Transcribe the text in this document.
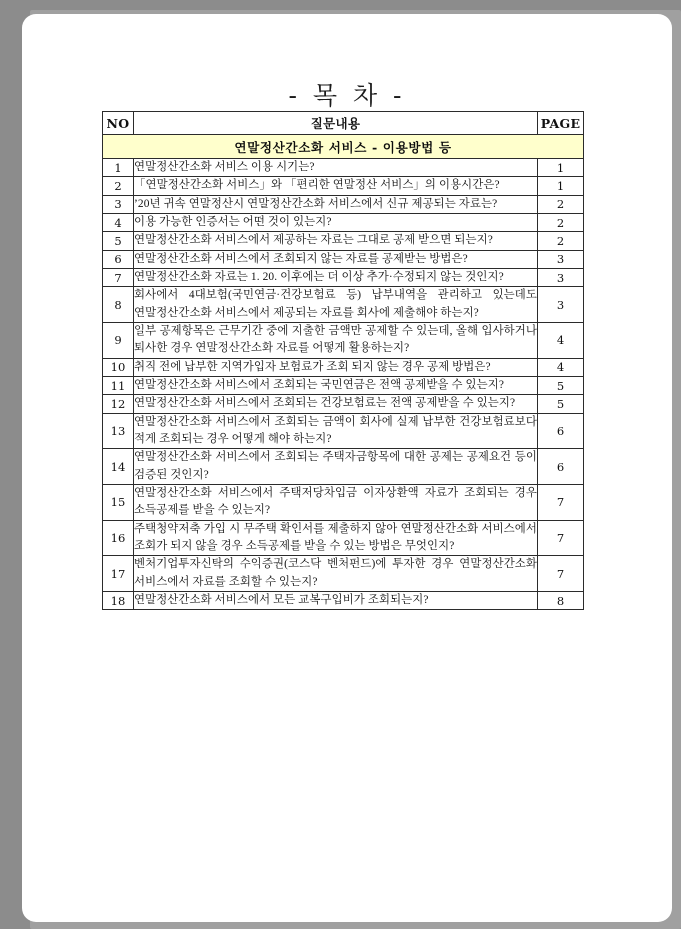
- 목 차 -
NO	질문내용	PAGE
연말정산간소화 서비스 - 이용방법 등		
1	연말정산간소화 서비스 이용 시기는?	1
2	「연말정산간소화 서비스」와 「편리한 연말정산 서비스」의 이용시간은?	1
3	’20년 귀속 연말정산시 연말정산간소화 서비스에서 신규 제공되는 자료는?	2
4	이용 가능한 인증서는 어떤 것이 있는지?	2
5	연말정산간소화 서비스에서 제공하는 자료는 그대로 공제 받으면 되는지?	2
6	연말정산간소화 서비스에서 조회되지 않는 자료를 공제받는 방법은?	3
7	연말정산간소화 자료는 1. 20. 이후에는 더 이상 추가·수정되지 않는 것인지?	3
8	회사에서 4대보험(국민연금·건강보험료 등) 납부내역을 관리하고 있는데도 연말정산간소화 서비스에서 제공되는 자료를 회사에 제출해야 하는지?	3
9	일부 공제항목은 근무기간 중에 지출한 금액만 공제할 수 있는데, 올해 입사하거나 퇴사한 경우 연말정산간소화 자료를 어떻게 활용하는지?	4
10	취직 전에 납부한 지역가입자 보험료가 조회 되지 않는 경우 공제 방법은?	4
11	연말정산간소화 서비스에서 조회되는 국민연금은 전액 공제받을 수 있는지?	5
12	연말정산간소화 서비스에서 조회되는 건강보험료는 전액 공제받을 수 있는지?	5
13	연말정산간소화 서비스에서 조회되는 금액이 회사에 실제 납부한 건강보험료보다 적게 조회되는 경우 어떻게 해야 하는지?	6
14	연말정산간소화 서비스에서 조회되는 주택자금항목에 대한 공제는 공제요건 등이 검증된 것인지?	6
15	연말정산간소화 서비스에서 주택저당차입금 이자상환액 자료가 조회되는 경우 소득공제를 받을 수 있는지?	7
16	주택청약저축 가입 시 무주택 확인서를 제출하지 않아 연말정산간소화 서비스에서 조회가 되지 않을 경우 소득공제를 받을 수 있는 방법은 무엇인지?	7
17	벤처기업투자신탁의 수익증권(코스닥 벤처펀드)에 투자한 경우 연말정산간소화 서비스에서 자료를 조회할 수 있는지?	7
18	연말정산간소화 서비스에서 모든 교복구입비가 조회되는지?	8
